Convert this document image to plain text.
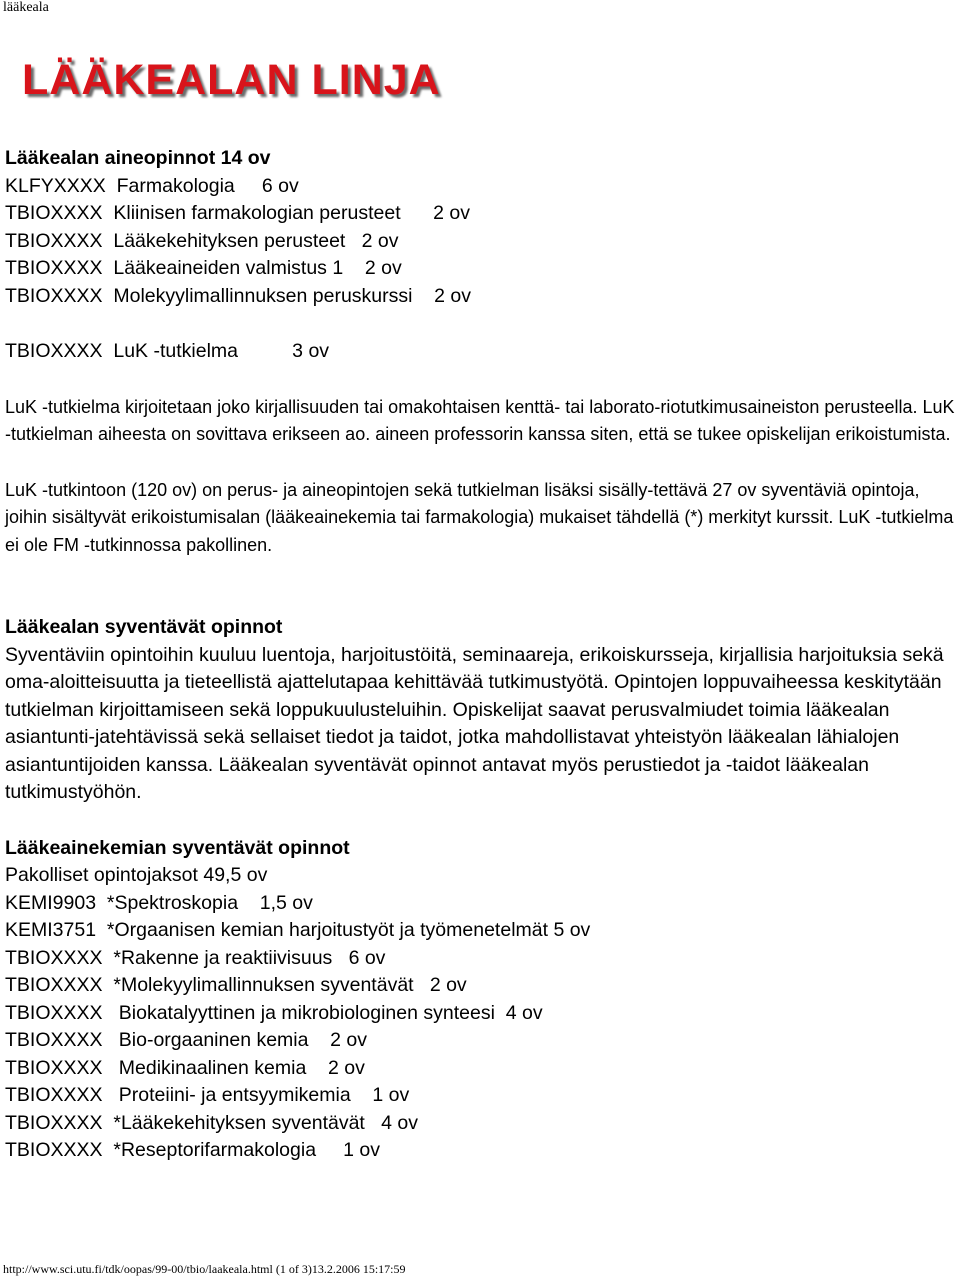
lääkeala
LÄÄKEALAN LINJA
Lääkealan aineopinnot 14 ov
KLFYXXXX  Farmakologia     6 ov
TBIOXXXX  Kliinisen farmakologian perusteet      2 ov
TBIOXXXX  Lääkekehityksen perusteet   2 ov
TBIOXXXX  Lääkeaineiden valmistus 1    2 ov
TBIOXXXX  Molekyylimallinnuksen peruskurssi    2 ov
TBIOXXXX  LuK -tutkielma          3 ov

LuK -tutkielma kirjoitetaan joko kirjallisuuden tai omakohtaisen kenttä- tai laborato-riotutkimusaineiston perusteella. LuK -tutkielman aiheesta on sovittava erikseen ao. aineen professorin kanssa siten, että se tukee opiskelijan erikoistumista.

LuK -tutkintoon (120 ov) on perus- ja aineopintojen sekä tutkielman lisäksi sisälly-tettävä 27 ov syventäviä opintoja, joihin sisältyvät erikoistumisalan (lääkeainekemia tai farmakologia) mukaiset tähdellä (*) merkityt kurssit. LuK -tutkielma ei ole FM -tutkinnossa pakollinen.

Lääkealan syventävät opinnot

Syventäviin opintoihin kuuluu luentoja, harjoitustöitä, seminaareja, erikoiskursseja, kirjallisia harjoituksia sekä oma-aloitteisuutta ja tieteellistä ajattelutapaa kehittävää tutkimustyötä. Opintojen loppuvaiheessa keskitytään tutkielman kirjoittamiseen sekä loppukuulusteluihin. Opiskelijat saavat perusvalmiudet toimia lääkealan asiantunti-jatehtävissä sekä sellaiset tiedot ja taidot, jotka mahdollistavat yhteistyön lääkealan lähialojen asiantuntijoiden kanssa. Lääkealan syventävät opinnot antavat myös perustiedot ja -taidot lääkealan tutkimustyöhön.

Lääkeainekemian syventävät opinnot
Pakolliset opintojaksot 49,5 ov
KEMI9903  *Spektroskopia    1,5 ov
KEMI3751  *Orgaanisen kemian harjoitustyöt ja työmenetelmät 5 ov
TBIOXXXX  *Rakenne ja reaktiivisuus   6 ov
TBIOXXXX  *Molekyylimallinnuksen syventävät   2 ov
TBIOXXXX   Biokatalyyttinen ja mikrobiologinen synteesi  4 ov
TBIOXXXX   Bio-orgaaninen kemia    2 ov
TBIOXXXX   Medikinaalinen kemia    2 ov
TBIOXXXX   Proteiini- ja entsyymikemia    1 ov
TBIOXXXX  *Lääkekehityksen syventävät   4 ov
TBIOXXXX  *Reseptorifarmakologia     1 ov
http://www.sci.utu.fi/tdk/oopas/99-00/tbio/laakeala.html (1 of 3)13.2.2006 15:17:59
